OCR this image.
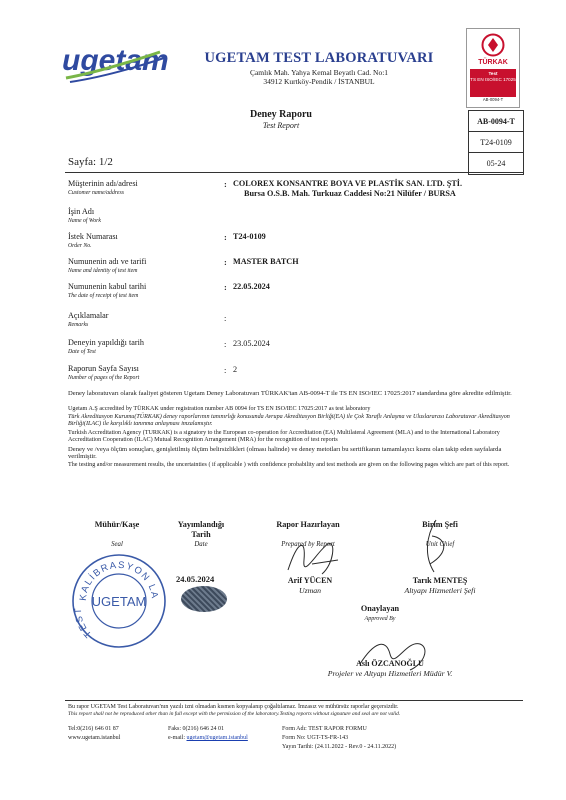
ugetam	UGETAM TEST LABORATUVARI
Çamlık Mah. Yahya Kemal Beyatlı Cad. No:1
34912 Kurtköy-Pendik / İSTANBUL
TÜRKAK
Test
TS EN ISO/IEC 17025
AB-0094-T
Deney Raporu
Test Report	AB-0094-T
T24-0109
05-24
Sayfa: 1/2
Müşterinin adı/adresi
Customer name/address
: COLOREX KONSANTRE BOYA VE PLASTİK SAN. LTD. ŞTİ.
Bursa O.S.B. Mah. Turkuaz Caddesi No:21 Nilüfer / BURSA
İşin Adı
Name of Work
İstek Numarası
Order No.
: T24-0109
Numunenin adı ve tarifi
Name and identity of test item
: MASTER BATCH
Numunenin kabul tarihi
The date of receipt of test item
: 22.05.2024
Açıklamalar
Remarks
:
Deneyin yapıldığı tarih
Date of Test
: 23.05.2024
Raporun Sayfa Sayısı
Number of pages of the Report
: 2
Deney laboratuvarı olarak faaliyet gösteren Ugetam Deney Laboratuvarı TÜRKAK'tan AB-0094-T ile TS EN ISO/IEC 17025:2017 standardına göre akredite edilmiştir.
Ugetam A.Ş accredited by TÜRKAK under registration number AB 0094 for TS EN ISO/IEC 17025:2017 as test laboratory
Türk Akreditasyon Kurumu(TÜRKAK) deney raporlarının tanınırlığı konusunda Avrupa Akreditasyon Birliği(EA) ile Çok Taraflı Anlaşma ve Uluslararası Laboratuvar Akreditasyon Birliği(ILAC) ile karşılıklı tanınma anlaşması imzalamıştır.
Turkish Accreditation Agency (TURKAK) is a signatory to the European co-operation for Accreditation (EA) Multilateral Agreement (MLA) and to the International Laboratory Accreditation Cooperation (ILAC) Mutual Recognition Arrangement (MRA) for the recognition of test reports
Deney ve /veya ölçüm sonuçları, genişletilmiş ölçüm belirsizlikleri (olması halinde) ve deney metotları bu sertifikanın tamamlayıcı kısmı olan takip eden sayfalarda verilmiştir.
The testing and/or measurement results, the uncertainties ( if applicable ) with confidence probability and test methods are given on the following pages which are part of this report.
Mühür/Kaşe
Seal
KALİBRASYON LA
TEST
UGETAM
Yayımlandığı
Tarih
Date
24.05.2024
Rapor Hazırlayan
Prepared by Report
Arif YÜCEN
Uzman
Birim Şefi
Unit Chief
Tarık MENTEŞ
Altyapı Hizmetleri Şefi
Onaylayan
Approved By
Aslı ÖZCANOĞLU
Projeler ve Altyapı Hizmetleri Müdür V.
Bu rapor UGETAM Test Laboratuvarı'nın yazılı izni olmadan kısmen kopyalanıp çoğaltılamaz. İmzasız ve mühürsüz raporlar geçersizdir.
This report shall not be reproduced other than in full except with the permission of the laboratory.Testing reports without signature and seal are not valid.
Tel:0(216) 646 01 87
www.ugetam.istanbul
Faks: 0(216) 646 24 01
e-mail: ugetam@ugetam.istanbul
Form Adı: TEST RAPOR FORMU
Form No: UGT-TS-FR-143
Yayın Tarihi: (24.11.2022 - Rev.0 - 24.11.2022)
